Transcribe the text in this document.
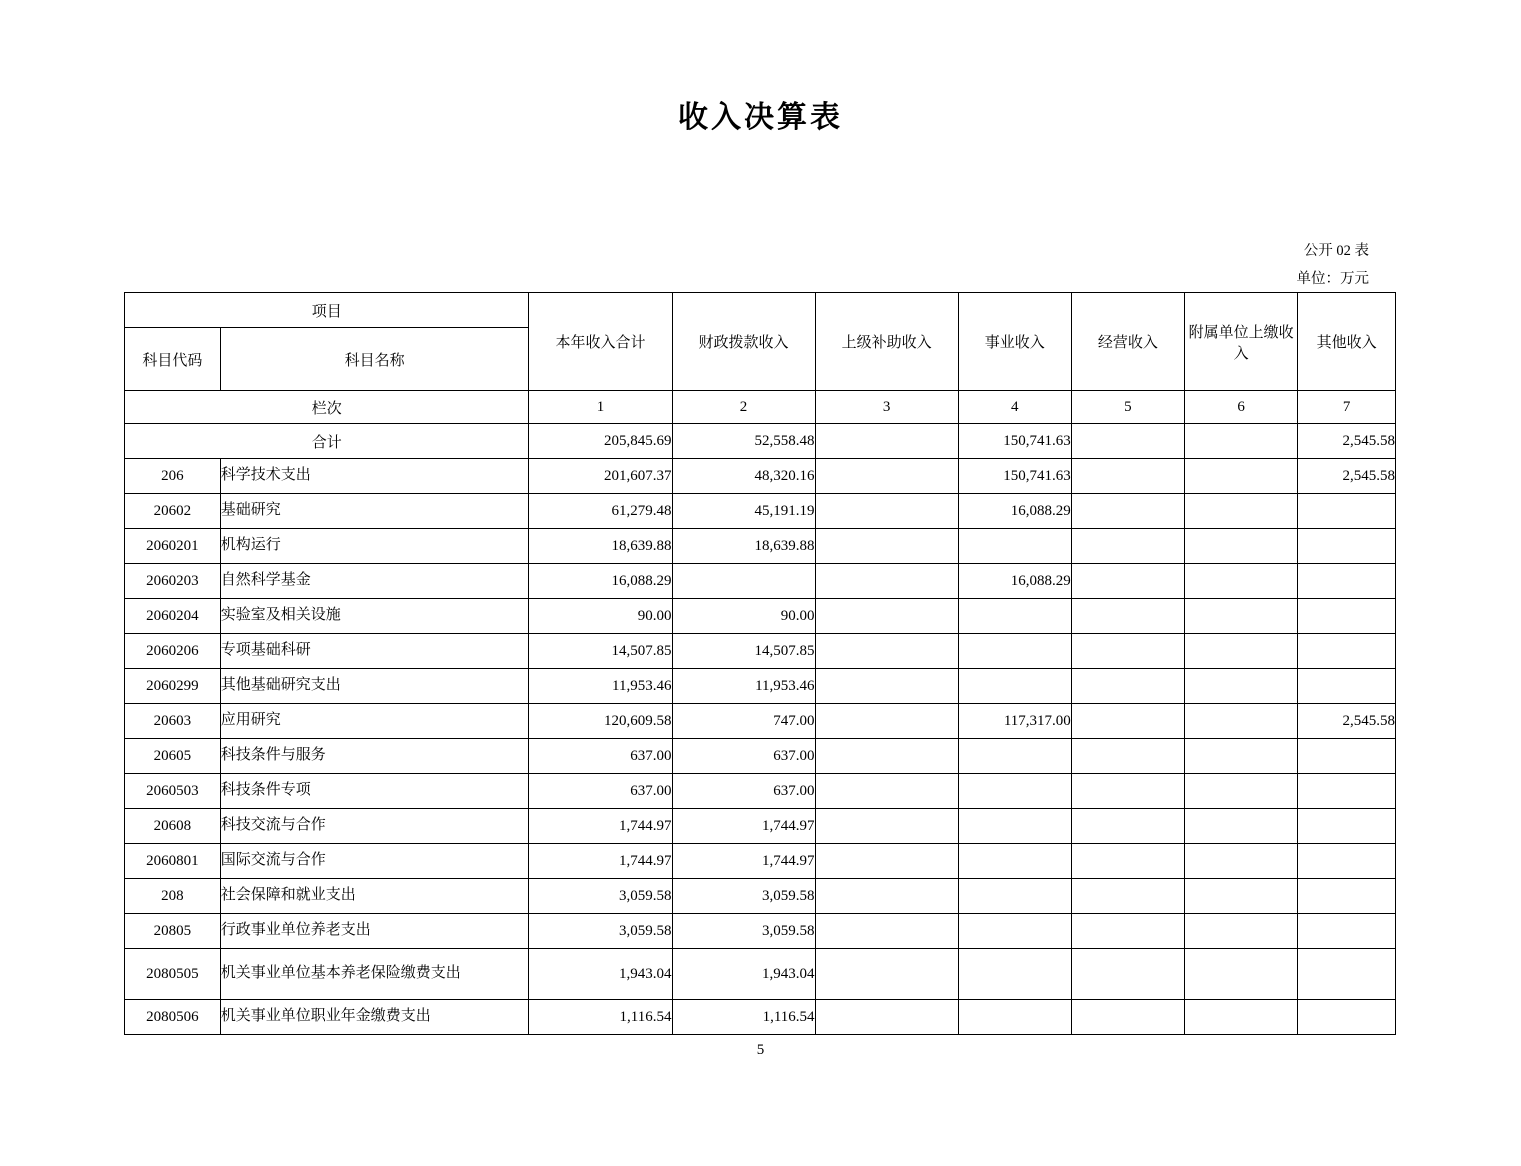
收入决算表
公开 02 表
单位：万元
项目		本年收入合计	财政拨款收入	上级补助收入	事业收入	经营收入	附属单位上缴收入	其他收入
科目代码	科目名称							
栏次		1	2	3	4	5	6	7
合计		205,845.69	52,558.48		150,741.63			2,545.58
206	科学技术支出	201,607.37	48,320.16		150,741.63			2,545.58
20602	基础研究	61,279.48	45,191.19		16,088.29			
2060201	机构运行	18,639.88	18,639.88					
2060203	自然科学基金	16,088.29			16,088.29			
2060204	实验室及相关设施	90.00	90.00					
2060206	专项基础科研	14,507.85	14,507.85					
2060299	其他基础研究支出	11,953.46	11,953.46					
20603	应用研究	120,609.58	747.00		117,317.00			2,545.58
20605	科技条件与服务	637.00	637.00					
2060503	科技条件专项	637.00	637.00					
20608	科技交流与合作	1,744.97	1,744.97					
2060801	国际交流与合作	1,744.97	1,744.97					
208	社会保障和就业支出	3,059.58	3,059.58					
20805	行政事业单位养老支出	3,059.58	3,059.58					
2080505	机关事业单位基本养老保险缴费支出	1,943.04	1,943.04					
2080506	机关事业单位职业年金缴费支出	1,116.54	1,116.54					
5
